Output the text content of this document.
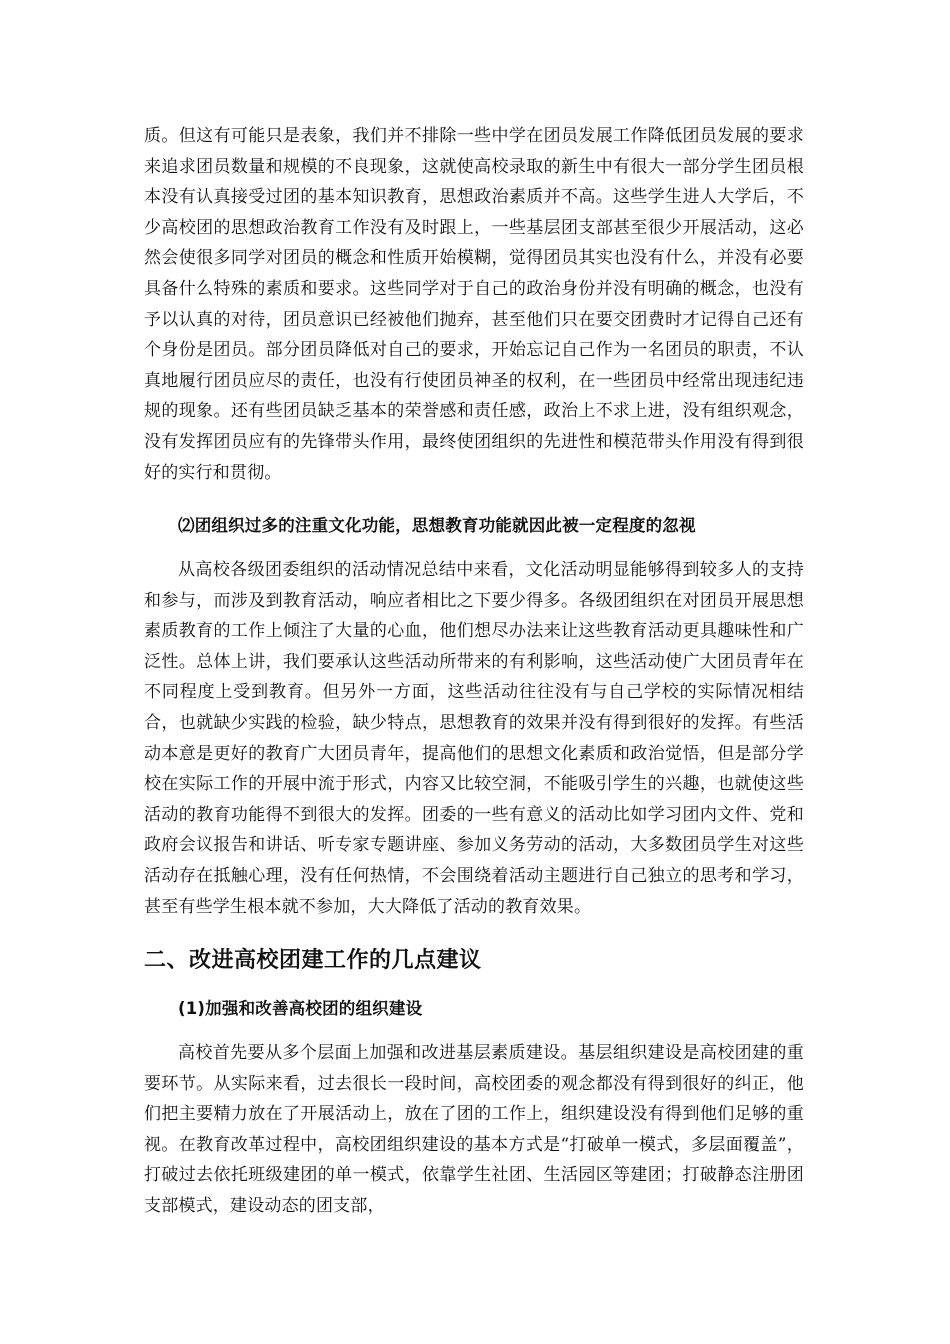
质。但这有可能只是表象，我们并不排除一些中学在团员发展工作降低团员发展的要求来追求团员数量和规模的不良现象，这就使高校录取的新生中有很大一部分学生团员根本没有认真接受过团的基本知识教育，思想政治素质并不高。这些学生进人大学后，不少高校团的思想政治教育工作没有及时跟上，一些基层团支部甚至很少开展活动，这必然会使很多同学对团员的概念和性质开始模糊，觉得团员其实也没有什么，并没有必要具备什么特殊的素质和要求。这些同学对于自己的政治身份并没有明确的概念，也没有予以认真的对待，团员意识已经被他们抛弃，甚至他们只在要交团费时才记得自己还有个身份是团员。部分团员降低对自己的要求，开始忘记自己作为一名团员的职责，不认真地履行团员应尽的责任，也没有行使团员神圣的权利，在一些团员中经常出现违纪违规的现象。还有些团员缺乏基本的荣誉感和责任感，政治上不求上进，没有组织观念，没有发挥团员应有的先锋带头作用，最终使团组织的先进性和模范带头作用没有得到很好的实行和贯彻。

⑵团组织过多的注重文化功能，思想教育功能就因此被一定程度的忽视

从高校各级团委组织的活动情况总结中来看，文化活动明显能够得到较多人的支持和参与，而涉及到教育活动，响应者相比之下要少得多。各级团组织在对团员开展思想素质教育的工作上倾注了大量的心血，他们想尽办法来让这些教育活动更具趣味性和广泛性。总体上讲，我们要承认这些活动所带来的有利影响，这些活动使广大团员青年在不同程度上受到教育。但另外一方面，这些活动往往没有与自己学校的实际情况相结合，也就缺少实践的检验，缺少特点，思想教育的效果并没有得到很好的发挥。有些活动本意是更好的教育广大团员青年，提高他们的思想文化素质和政治觉悟，但是部分学校在实际工作的开展中流于形式，内容又比较空洞，不能吸引学生的兴趣，也就使这些活动的教育功能得不到很大的发挥。团委的一些有意义的活动比如学习团内文件、党和政府会议报告和讲话、听专家专题讲座、参加义务劳动的活动，大多数团员学生对这些活动存在抵触心理，没有任何热情，不会围绕着活动主题进行自己独立的思考和学习，甚至有些学生根本就不参加，大大降低了活动的教育效果。

二、改进高校团建工作的几点建议

(1)加强和改善高校团的组织建设

高校首先要从多个层面上加强和改进基层素质建设。基层组织建设是高校团建的重要环节。从实际来看，过去很长一段时间，高校团委的观念都没有得到很好的纠正，他们把主要精力放在了开展活动上，放在了团的工作上，组织建设没有得到他们足够的重视。在教育改革过程中，高校团组织建设的基本方式是“打破单一模式，多层面覆盖”，打破过去依托班级建团的单一模式，依靠学生社团、生活园区等建团；打破静态注册团支部模式，建设动态的团支部，
